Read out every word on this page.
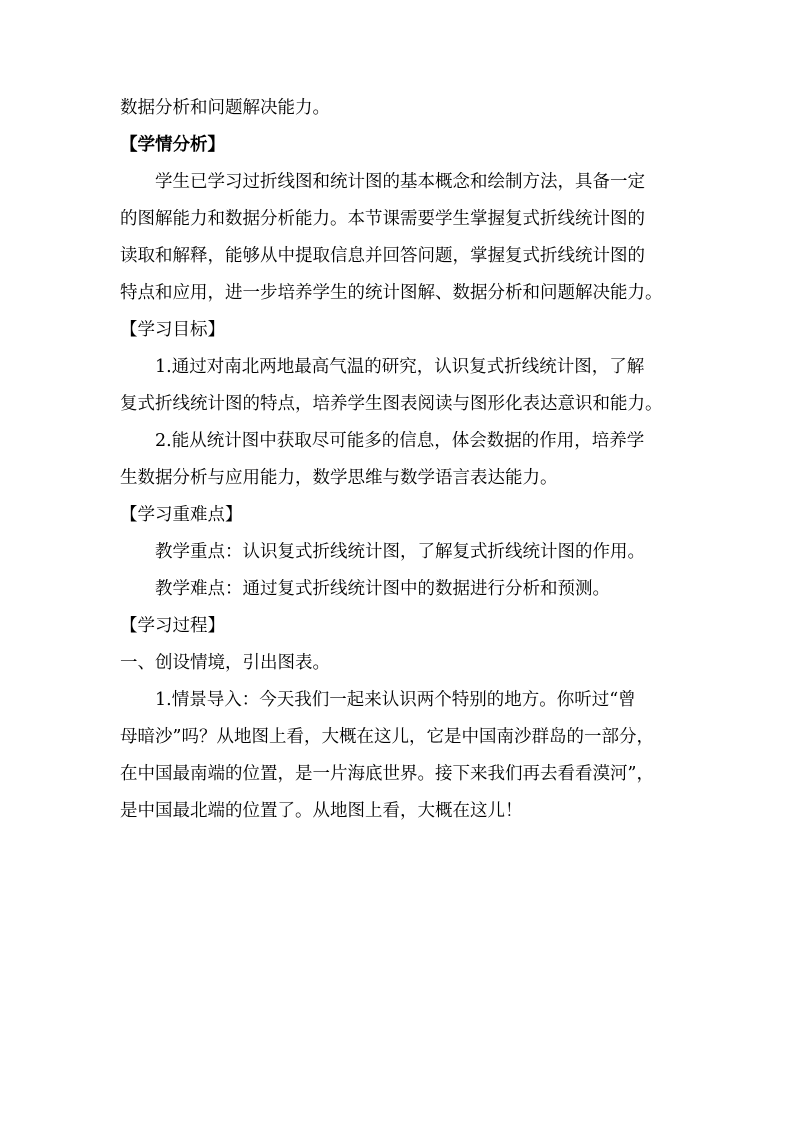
数据分析和问题解决能力。
【学情分析】
学生已学习过折线图和统计图的基本概念和绘制方法，具备一定
的图解能力和数据分析能力。本节课需要学生掌握复式折线统计图的
读取和解释，能够从中提取信息并回答问题，掌握复式折线统计图的
特点和应用，进一步培养学生的统计图解、数据分析和问题解决能力。
【学习目标】
1.通过对南北两地最高气温的研究，认识复式折线统计图，了解
复式折线统计图的特点，培养学生图表阅读与图形化表达意识和能力。
2.能从统计图中获取尽可能多的信息，体会数据的作用，培养学
生数据分析与应用能力，数学思维与数学语言表达能力。
【学习重难点】
教学重点：认识复式折线统计图，了解复式折线统计图的作用。
教学难点：通过复式折线统计图中的数据进行分析和预测。
【学习过程】
一、创设情境，引出图表。
1.情景导入：今天我们一起来认识两个特别的地方。你听过“曾
母暗沙”吗？从地图上看，大概在这儿，它是中国南沙群岛的一部分，
在中国最南端的位置，是一片海底世界。接下来我们再去看看漠河”，
是中国最北端的位置了。从地图上看，大概在这儿！
